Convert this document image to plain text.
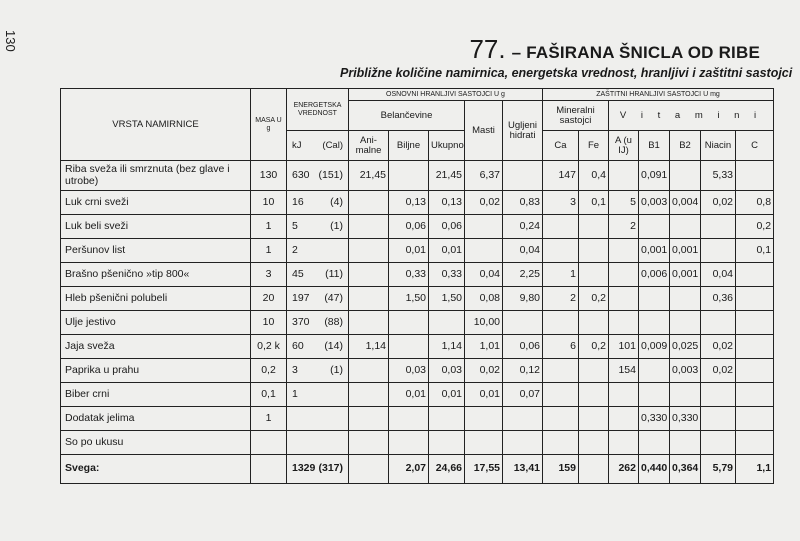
130	77. – FAŠIRANA ŠNICLA OD RIBE
Približne količine namirnica, energetska vrednost, hranljivi i zaštitni sastojci
VRSTA NAMIRNICE	MASA U g	ENERGETSKA VREDNOST	OSNOVNI HRANLJIVI SASTOJCI U g					ZAŠTITNI HRANLJIVI SASTOJCI U mg						
			Belančevine			Masti	Ugljeni hidrati	Mineralni sastojci		V i t a m i n i				

		kJ (Cal)	Ani-malne	Biljne	Ukupno			Ca	Fe	A (u IJ)	B1	B2	Niacin	C
Riba sveža ili smrznuta (bez glave i utrobe)	130	630 (151)	21,45		21,45	6,37		147	0,4		0,091		5,33	
Luk crni sveži	10	16 (4)		0,13	0,13	0,02	0,83	3	0,1	5	0,003	0,004	0,02	0,8
Luk beli sveži	1	5 (1)		0,06	0,06		0,24			2				0,2
Peršunov list	1	2		0,01	0,01		0,04				0,001	0,001		0,1
Brašno pšenično »tip 800«	3	45 (11)		0,33	0,33	0,04	2,25	1			0,006	0,001	0,04	
Hleb pšenični polubeli	20	197 (47)		1,50	1,50	0,08	9,80	2	0,2				0,36	
Ulje jestivo	10	370 (88)				10,00								
Jaja sveža	0,2 k	60 (14)	1,14		1,14	1,01	0,06	6	0,2	101	0,009	0,025	0,02	
Paprika u prahu	0,2	3 (1)		0,03	0,03	0,02	0,12			154		0,003	0,02	
Biber crni	0,1	1		0,01	0,01	0,01	0,07							
Dodatak jelima	1										0,330	0,330		
So po ukusu		

Svega:		1329 (317)		2,07	24,66	17,55	13,41	159		262	0,440	0,364	5,79	1,1
